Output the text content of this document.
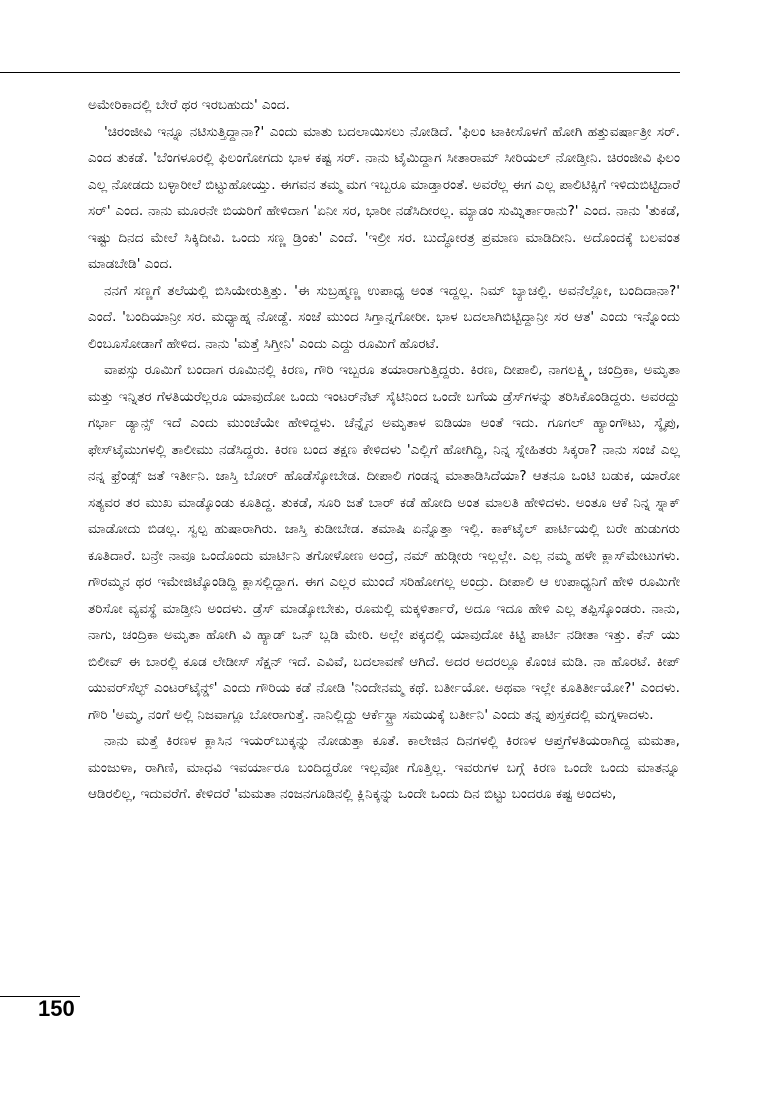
ಅಮೇರಿಕಾದಲ್ಲಿ ಬೇರೆ ಥರ ಇರಬಹುದು' ಎಂದ.

'ಚಿರಂಜೀವಿ ಇನ್ನೂ ನಟಿಸುತ್ತಿದ್ದಾನಾ?' ಎಂದು ಮಾತು ಬದಲಾಯಿಸಲು ನೋಡಿದೆ. 'ಫಿಲಂ ಟಾಕೀಸೊಳಗೆ ಹೋಗಿ ಹತ್ತುವರ್ಷಾತ್ರೀ ಸರ್. ಎಂದ ತುಕಡೆ. 'ಬೆಂಗಳೂರಲ್ಲಿ ಫಿಲಂಗೋಗದು ಭಾಳ ಕಷ್ಟ ಸರ್. ನಾನು ಟೈಮಿದ್ದಾಗ ಸೀತಾರಾಮ್ ಸೀರಿಯಲ್ ನೋಡ್ತೀನಿ. ಚಿರಂಜೀವಿ ಫಿಲಂ ಎಲ್ಲ ನೋಡದು ಬಳ್ಳಾರೀಲೆ ಬಿಟ್ಟುಹೋಯ್ತು. ಈಗವನ ತಮ್ಮ ಮಗ ಇಬ್ಬರೂ ಮಾಡ್ತಾರಂತೆ. ಅವರೆಲ್ಲ ಈಗ ಎಲ್ಲ ಪಾಲಿಟಿಕ್ಸಿಗೆ ಇಳಿದುಬಿಟ್ಟಿದಾರೆ ಸರ್' ಎಂದ. ನಾನು ಮೂರನೇ ಬಿಯರಿಗೆ ಹೇಳಿದಾಗ 'ಏನೀ ಸರ, ಭಾರೀ ನಡೆಸಿದೀರಲ್ಲ. ಮ್ಯಾಡಂ ಸುಮ್ನಿರ್ತಾರಾನು?' ಎಂದ. ನಾನು 'ತುಕಡೆ, ಇಷ್ಟು ದಿನದ ಮೇಲೆ ಸಿಕ್ಕಿದೀವಿ. ಒಂದು ಸಣ್ಣ ಡ್ರಿಂಕು' ಎಂದೆ. 'ಇಲ್ರೀ ಸರ. ಬುದ್ಧೋರತ್ರ ಪ್ರಮಾಣ ಮಾಡಿದೀನಿ. ಅದೊಂದಕ್ಕೆ ಬಲವಂತ ಮಾಡಬೇಡಿ' ಎಂದ.

ನನಗೆ ಸಣ್ಣಗೆ ತಲೆಯಲ್ಲಿ ಬಿಸಿಯೇರುತ್ತಿತ್ತು. 'ಈ ಸುಬ್ರಹ್ಮಣ್ಣ ಉಪಾಧ್ಯ ಅಂತ ಇದ್ದಲ್ಲ. ನಿಮ್ ಬ್ಯಾಚಲ್ಲಿ. ಅವನೆಲ್ಲೋ, ಬಂದಿದಾನಾ?' ಎಂದೆ. 'ಬಂದಿಯಾನ್ರೀ ಸರ. ಮಧ್ಯಾಹ್ನ ನೋಡ್ದೆ. ಸಂಜೆ ಮುಂದ ಸಿಗ್ತಾನ್ನಗೋರೀ. ಭಾಳ ಬದಲಾಗಿಬಿಟ್ಟಿದ್ದಾನ್ರೀ ಸರ ಆತ' ಎಂದು ಇನ್ನೊಂದು ಲಿಂಬೂಸೋಡಾಗೆ ಹೇಳಿದ. ನಾನು 'ಮತ್ತೆ ಸಿಗ್ತೀನಿ' ಎಂದು ಎದ್ದು ರೂಮಿಗೆ ಹೊರಟೆ.

ವಾಪಸ್ಸು ರೂಮಿಗೆ ಬಂದಾಗ ರೂಮಿನಲ್ಲಿ ಕಿರಣ, ಗೌರಿ ಇಬ್ಬರೂ ತಯಾರಾಗುತ್ತಿದ್ದರು. ಕಿರಣ, ದೀಪಾಲಿ, ನಾಗಲಕ್ಷ್ಮಿ, ಚಂದ್ರಿಕಾ, ಅಮೃತಾ ಮತ್ತು ಇನ್ನಿತರ ಗೆಳತಿಯರೆಲ್ಲರೂ ಯಾವುದೋ ಒಂದು ಇಂಟರ್‌ನೆಟ್ ಸೈಟಿನಿಂದ ಒಂದೇ ಬಗೆಯ ಡ್ರೆಸ್‌ಗಳನ್ನು ತರಿಸಿಕೊಂಡಿದ್ದರು. ಅವರದ್ದು ಗರ್ಭಾ ಡ್ಯಾನ್ಸ್ ಇದೆ ಎಂದು ಮುಂಚೆಯೇ ಹೇಳಿದ್ದಳು. ಚೆನ್ನೈನ ಅಮೃತಾಳ ಐಡಿಯಾ ಅಂತೆ ಇದು. ಗೂಗಲ್ ಹ್ಯಾಂಗೌಟು, ಸ್ಕೈಪು, ಫೇಸ್‌ಟೈಮುಗಳಲ್ಲಿ ತಾಲೀಮು ನಡೆಸಿದ್ದರು. ಕಿರಣ ಬಂದ ತಕ್ಷಣ ಕೇಳಿದಳು 'ಎಲ್ಲಿಗೆ ಹೋಗಿದ್ದಿ, ನಿನ್ನ ಸ್ನೇಹಿತರು ಸಿಕ್ಕರಾ? ನಾನು ಸಂಜೆ ಎಲ್ಲ ನನ್ನ ಫ್ರೆಂಡ್ಸ್ ಜತೆ ಇರ್ತೀನಿ. ಜಾಸ್ತಿ ಬೋರ್ ಹೊಡೆಸ್ಕೋಬೇಡ. ದೀಪಾಲಿ ಗಂಡನ್ನ ಮಾತಾಡಿಸಿದೆಯಾ? ಆತನೂ ಒಂಟಿ ಬಡುಕ, ಯಾರೋ ಸತ್ಯವರ ತರ ಮುಖ ಮಾಡ್ಕೊಂಡು ಕೂತಿದ್ದ. ತುಕಡೆ, ಸೂರಿ ಜತೆ ಬಾರ್ ಕಡೆ ಹೋದಿ ಅಂತ ಮಾಲತಿ ಹೇಳಿದಳು. ಅಂತೂ ಆಕೆ ನಿನ್ನ ಸ್ನಾಕ್ ಮಾಡೋದು ಬಿಡಲ್ಲ. ಸ್ವಲ್ಪ ಹುಷಾರಾಗಿರು. ಜಾಸ್ತಿ ಕುಡೀಬೇಡ. ತಮಾಷಿ ಏನ್ನೊತ್ತಾ ಇಲ್ಲಿ. ಕಾಕ್‌ಟೈಲ್ ಪಾರ್ಟಿಯಲ್ಲಿ ಬರೇ ಹುಡುಗರು ಕೂತಿದಾರೆ. ಬನ್ರೇ ನಾವೂ ಒಂದೊಂದು ಮಾರ್ಟಿನಿ ತಗೋಳೋಣ ಅಂದ್ರೆ, ನಮ್ ಹುಡ್ಗೀರು ಇಲ್ಲಲ್ಲೇ. ಎಲ್ಲ ನಮ್ಮ ಹಳೇ ಕ್ಲಾಸ್‌ಮೇಟುಗಳು. ಗೌರಮ್ಮನ ಥರ ಇಮೇಜಿಟ್ಕೊಂಡಿದ್ದಿ ಕ್ಲಾಸಲ್ಲಿದ್ದಾಗ. ಈಗ ಎಲ್ಲರ ಮುಂದೆ ಸರಿಹೋಗಲ್ಲ ಅಂದ್ರು. ದೀಪಾಲಿ ಆ ಉಪಾಧ್ಯನಿಗೆ ಹೇಳಿ ರೂಮಿಗೇ ತರಿಸೋ ವ್ಯವಸ್ಥೆ ಮಾಡ್ತೀನಿ ಅಂದಳು. ಡ್ರೆಸ್ ಮಾಡ್ಕೋಬೇಕು, ರೂಮಲ್ಲಿ ಮಕ್ಕಳಿರ್ತಾರೆ, ಅದೂ ಇದೂ ಹೇಳಿ ಎಲ್ಲ ತಪ್ಪಿಸ್ಕೊಂಡರು. ನಾನು, ನಾಗು, ಚಂದ್ರಿಕಾ ಅಮೃತಾ ಹೋಗಿ ವಿ ಹ್ಯಾಡ್ ಒನ್ ಬ್ಲಡಿ ಮೇರಿ. ಅಲ್ಲೇ ಪಕ್ಕದಲ್ಲಿ ಯಾವುದೋ ಕಿಟ್ಟಿ ಪಾರ್ಟಿ ನಡೀತಾ ಇತ್ತು. ಕೆನ್ ಯು ಬಿಲೀವ್ ಈ ಬಾರಲ್ಲಿ ಕೂಡ ಲೇಡೀಸ್ ಸೆಕ್ಷನ್ ಇದೆ. ಎವಿವೆ, ಬದಲಾವಣೆ ಆಗಿದೆ. ಅದರ ಅದರಲ್ಲೂ ಕೊಂಚ ಮಡಿ. ನಾ ಹೊರಟೆ. ಕೀಪ್ ಯುವರ್‌ಸೆಲ್ಫ್ ಎಂಟರ್‌ಟೈನ್ಡ್' ಎಂದು ಗೌರಿಯ ಕಡೆ ನೋಡಿ 'ನಿಂದೇನಮ್ಮ ಕಥೆ. ಬರ್ತೀಯೋ. ಅಥವಾ ಇಲ್ಲೇ ಕೂತಿರ್ತೀಯೋ?' ಎಂದಳು. ಗೌರಿ 'ಅಮ್ಮ, ನಂಗೆ ಅಲ್ಲಿ ನಿಜವಾಗ್ಲೂ ಬೋರಾಗುತ್ತೆ. ನಾನಿಲ್ಲಿದ್ದು ಆರ್ಕೆಸ್ಟ್ರಾ ಸಮಯಕ್ಕೆ ಬರ್ತೀನಿ' ಎಂದು ತನ್ನ ಪುಸ್ತಕದಲ್ಲಿ ಮಗ್ನಳಾದಳು.

ನಾನು ಮತ್ತೆ ಕಿರಣಳ ಕ್ಲಾಸಿನ ಇಯರ್‌ಬುಕ್ಕನ್ನು ನೋಡುತ್ತಾ ಕೂತೆ. ಕಾಲೇಜಿನ ದಿನಗಳಲ್ಲಿ ಕಿರಣಳ ಆಪ್ತಗೆಳತಿಯರಾಗಿದ್ದ ಮಮತಾ, ಮಂಜುಳಾ, ರಾಗಿಣಿ, ಮಾಧವಿ ಇವರ್ಯಾರೂ ಬಂದಿದ್ದರೋ ಇಲ್ಲವೋ ಗೊತ್ತಿಲ್ಲ. ಇವರುಗಳ ಬಗ್ಗೆ ಕಿರಣ ಒಂದೇ ಒಂದು ಮಾತನ್ನೂ ಆಡಿರಲಿಲ್ಲ, ಇದುವರೆಗೆ. ಕೇಳಿದರೆ 'ಮಮತಾ ನಂಜನಗೂಡಿನಲ್ಲಿ ಕ್ಲಿನಿಕ್ಕನ್ನು ಒಂದೇ ಒಂದು ದಿನ ಬಿಟ್ಟು ಬಂದರೂ ಕಷ್ಟ ಅಂದಳು,

150
